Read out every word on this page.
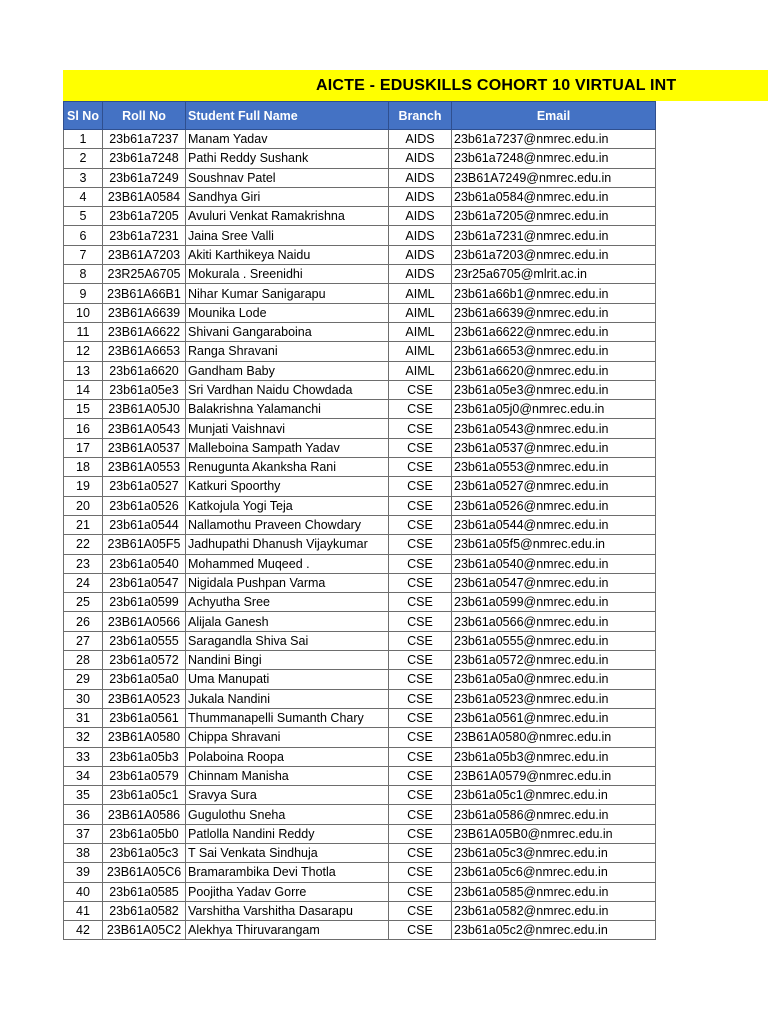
AICTE - EDUSKILLS COHORT 10 VIRTUAL INT
Sl No	Roll No	Student Full Name	Branch	Email
1	23b61a7237	Manam Yadav	AIDS	23b61a7237@nmrec.edu.in
2	23b61a7248	Pathi Reddy Sushank	AIDS	23b61a7248@nmrec.edu.in
3	23b61a7249	Soushnav Patel	AIDS	23B61A7249@nmrec.edu.in
4	23B61A0584	Sandhya Giri	AIDS	23b61a0584@nmrec.edu.in
5	23b61a7205	Avuluri Venkat Ramakrishna	AIDS	23b61a7205@nmrec.edu.in
6	23b61a7231	Jaina Sree Valli	AIDS	23b61a7231@nmrec.edu.in
7	23B61A7203	Akiti Karthikeya Naidu	AIDS	23b61a7203@nmrec.edu.in
8	23R25A6705	Mokurala . Sreenidhi	AIDS	23r25a6705@mlrit.ac.in
9	23B61A66B1	Nihar Kumar Sanigarapu	AIML	23b61a66b1@nmrec.edu.in
10	23B61A6639	Mounika Lode	AIML	23b61a6639@nmrec.edu.in
11	23B61A6622	Shivani Gangaraboina	AIML	23b61a6622@nmrec.edu.in
12	23B61A6653	Ranga Shravani	AIML	23b61a6653@nmrec.edu.in
13	23b61a6620	Gandham Baby	AIML	23b61a6620@nmrec.edu.in
14	23b61a05e3	Sri Vardhan Naidu Chowdada	CSE	23b61a05e3@nmrec.edu.in
15	23B61A05J0	Balakrishna Yalamanchi	CSE	23b61a05j0@nmrec.edu.in
16	23B61A0543	Munjati Vaishnavi	CSE	23b61a0543@nmrec.edu.in
17	23B61A0537	Malleboina Sampath Yadav	CSE	23b61a0537@nmrec.edu.in
18	23B61A0553	Renugunta Akanksha Rani	CSE	23b61a0553@nmrec.edu.in
19	23b61a0527	Katkuri Spoorthy	CSE	23b61a0527@nmrec.edu.in
20	23b61a0526	Katkojula Yogi Teja	CSE	23b61a0526@nmrec.edu.in
21	23b61a0544	Nallamothu Praveen Chowdary	CSE	23b61a0544@nmrec.edu.in
22	23B61A05F5	Jadhupathi Dhanush Vijaykumar	CSE	23b61a05f5@nmrec.edu.in
23	23b61a0540	Mohammed Muqeed .	CSE	23b61a0540@nmrec.edu.in
24	23b61a0547	Nigidala Pushpan Varma	CSE	23b61a0547@nmrec.edu.in
25	23b61a0599	Achyutha Sree	CSE	23b61a0599@nmrec.edu.in
26	23B61A0566	Alijala Ganesh	CSE	23b61a0566@nmrec.edu.in
27	23b61a0555	Saragandla Shiva Sai	CSE	23b61a0555@nmrec.edu.in
28	23b61a0572	Nandini Bingi	CSE	23b61a0572@nmrec.edu.in
29	23b61a05a0	Uma Manupati	CSE	23b61a05a0@nmrec.edu.in
30	23B61A0523	Jukala Nandini	CSE	23b61a0523@nmrec.edu.in
31	23b61a0561	Thummanapelli Sumanth Chary	CSE	23b61a0561@nmrec.edu.in
32	23B61A0580	Chippa Shravani	CSE	23B61A0580@nmrec.edu.in
33	23b61a05b3	Polaboina Roopa	CSE	23b61a05b3@nmrec.edu.in
34	23b61a0579	Chinnam Manisha	CSE	23B61A0579@nmrec.edu.in
35	23b61a05c1	Sravya Sura	CSE	23b61a05c1@nmrec.edu.in
36	23B61A0586	Gugulothu Sneha	CSE	23b61a0586@nmrec.edu.in
37	23b61a05b0	Patlolla Nandini Reddy	CSE	23B61A05B0@nmrec.edu.in
38	23b61a05c3	T Sai Venkata Sindhuja	CSE	23b61a05c3@nmrec.edu.in
39	23B61A05C6	Bramarambika Devi Thotla	CSE	23b61a05c6@nmrec.edu.in
40	23b61a0585	Poojitha Yadav Gorre	CSE	23b61a0585@nmrec.edu.in
41	23b61a0582	Varshitha Varshitha Dasarapu	CSE	23b61a0582@nmrec.edu.in
42	23B61A05C2	Alekhya Thiruvarangam	CSE	23b61a05c2@nmrec.edu.in
